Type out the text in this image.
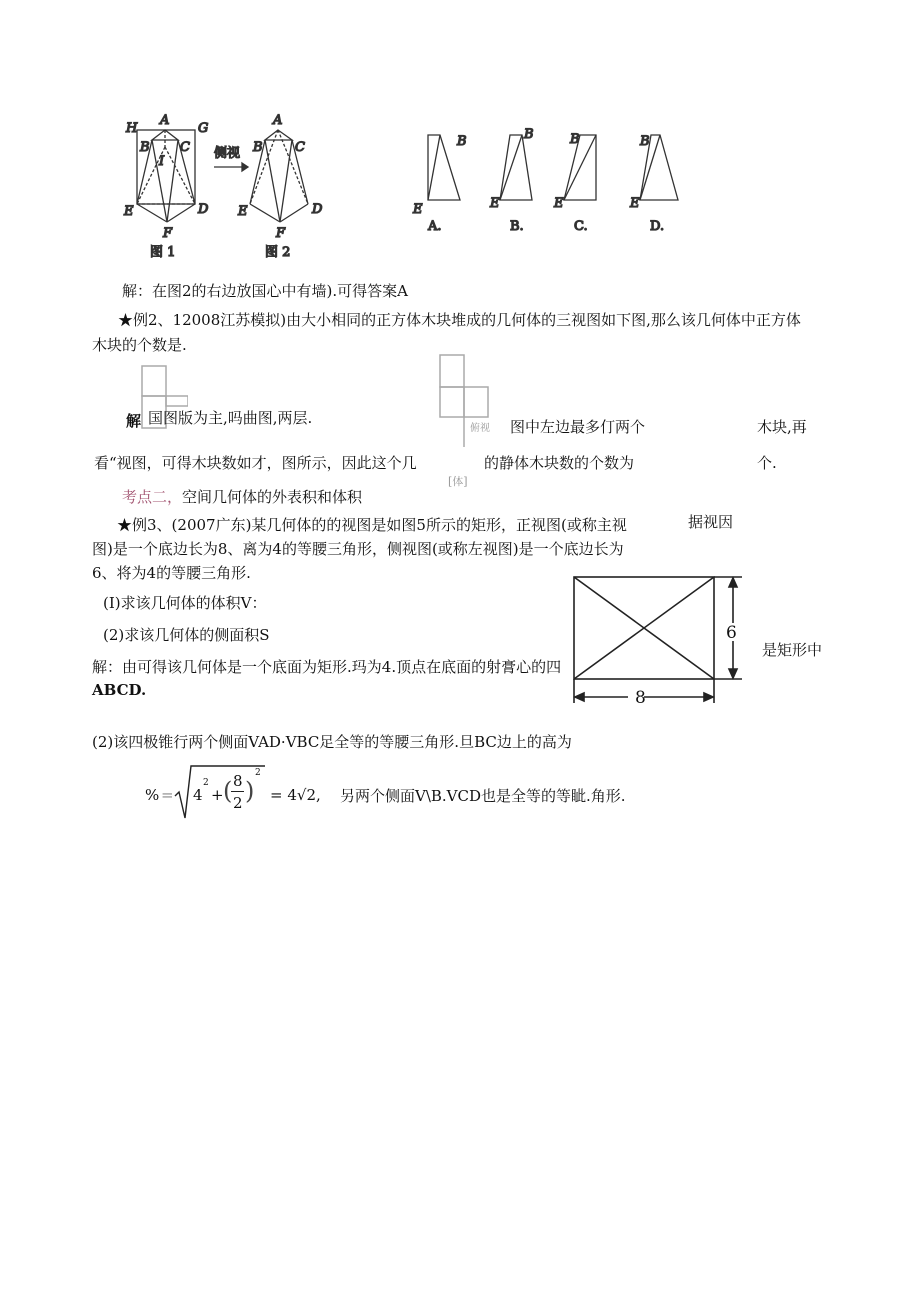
H
A
G
B
I
C
E	D
F
图 1
侧视
A
B C
E	D
F
图 2
B
E
A.
B
E
B.
B
E
C.
B
E
D.
解：在图2的右边放国心中有墙).可得答案A
★例2、12008江苏模拟)由大小相同的正方体木块堆成的几何体的三视图如下图,那么该几何体中正方体
木块的个数是.
俯视
[体]
解 国图版为主,吗曲图,两层.	图中左边最多仃两个	木块,再
看“视图，可得木块数如才，图所示，因此这个几	的静体木块数的个数为	个.
考点二，空间几何体的外表积和体积
★例3、(2007广东)某几何体的的视图是如图5所示的矩形，正视图(或称主视	据视因
图)是一个底边长为8、离为4的等腰三角形，侧视图(或称左视图)是一个底边长为
6、将为4的等腰三角形.
(I)求该几何体的体积V：
(2)求该几何体的侧面积S
解：由可得该几何体是一个底面为矩形.玛为4.顶点在底面的射膏心的四
ABCD.
6
8
是矩形中
(2)该四极锥行两个侧面VAD·VBC足全等的等腰三角形.旦BC边上的高为
% = 4
2
+ ( 8
2 )
2
= 4√2, 另两个侧面V\B.VCD也是全等的等眦.角形.
